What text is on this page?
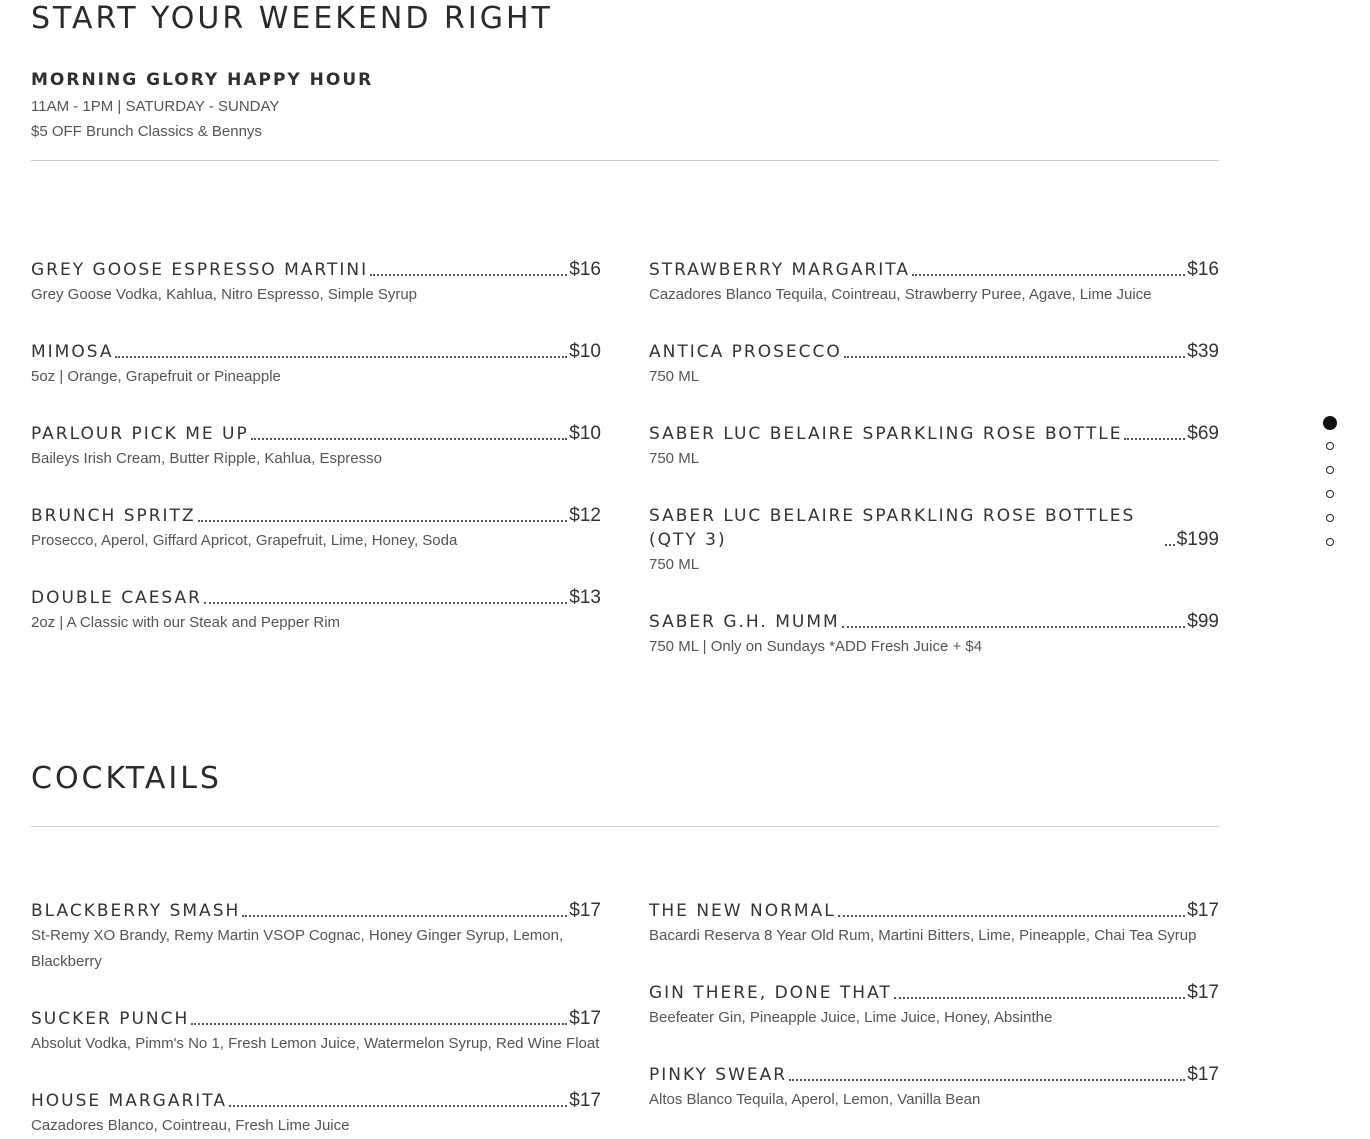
START YOUR WEEKEND RIGHT
MORNING GLORY HAPPY HOUR

11AM - 1PM | SATURDAY - SUNDAY

$5 OFF Brunch Classics & Bennys

GREY GOOSE ESPRESSO MARTINI	$16
Grey Goose Vodka, Kahlua, Nitro Espresso, Simple Syrup
MIMOSA	$10
5oz | Orange, Grapefruit or Pineapple
PARLOUR PICK ME UP	$10
Baileys Irish Cream, Butter Ripple, Kahlua, Espresso
BRUNCH SPRITZ	$12
Prosecco, Aperol, Giffard Apricot, Grapefruit, Lime, Honey, Soda
DOUBLE CAESAR	$13
2oz | A Classic with our Steak and Pepper Rim
STRAWBERRY MARGARITA	$16
Cazadores Blanco Tequila, Cointreau, Strawberry Puree, Agave, Lime Juice
ANTICA PROSECCO	$39
750 ML
SABER LUC BELAIRE SPARKLING ROSE BOTTLE	$69
750 ML
SABER LUC BELAIRE SPARKLING ROSE BOTTLES (QTY 3)	$199
750 ML
SABER G.H. MUMM	$99
750 ML | Only on Sundays *ADD Fresh Juice + $4
COCKTAILS
BLACKBERRY SMASH	$17
St-Remy XO Brandy, Remy Martin VSOP Cognac, Honey Ginger Syrup, Lemon, Blackberry
SUCKER PUNCH	$17
Absolut Vodka, Pimm's No 1, Fresh Lemon Juice, Watermelon Syrup, Red Wine Float
HOUSE MARGARITA	$17
Cazadores Blanco, Cointreau, Fresh Lime Juice
THE NEW NORMAL	$17
Bacardi Reserva 8 Year Old Rum, Martini Bitters, Lime, Pineapple, Chai Tea Syrup
GIN THERE, DONE THAT	$17
Beefeater Gin, Pineapple Juice, Lime Juice, Honey, Absinthe
PINKY SWEAR	$17
Altos Blanco Tequila, Aperol, Lemon, Vanilla Bean
